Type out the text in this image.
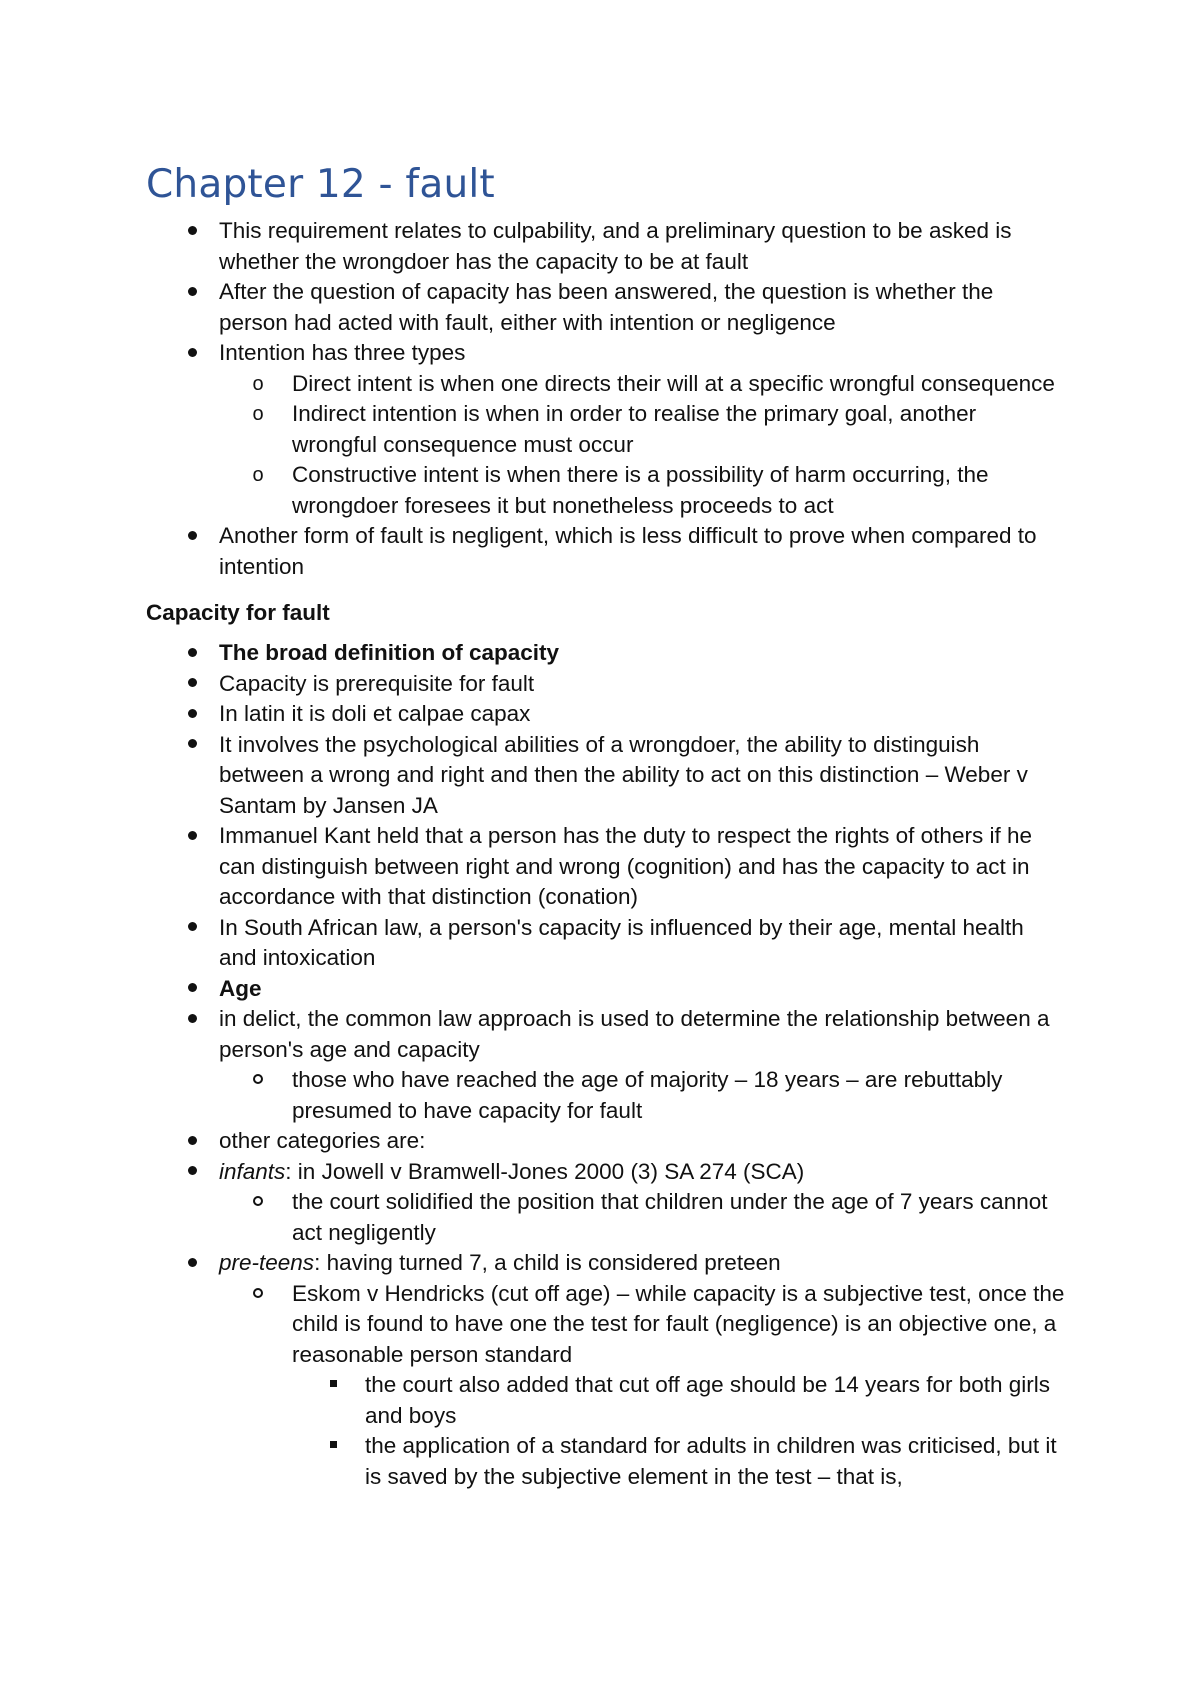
Chapter 12 - fault
This requirement relates to culpability, and a preliminary question to be asked is whether the wrongdoer has the capacity to be at fault
After the question of capacity has been answered, the question is whether the person had acted with fault, either with intention or negligence
Intention has three types
o Direct intent is when one directs their will at a specific wrongful consequence
o Indirect intention is when in order to realise the primary goal, another wrongful consequence must occur
o Constructive intent is when there is a possibility of harm occurring, the wrongdoer foresees it but nonetheless proceeds to act
Another form of fault is negligent, which is less difficult to prove when compared to intention
Capacity for fault
The broad definition of capacity
Capacity is prerequisite for fault
In latin it is doli et calpae capax
It involves the psychological abilities of a wrongdoer, the ability to distinguish between a wrong and right and then the ability to act on this distinction – Weber v Santam by Jansen JA
Immanuel Kant held that a person has the duty to respect the rights of others if he can distinguish between right and wrong (cognition) and has the capacity to act in accordance with that distinction (conation)
In South African law, a person's capacity is influenced by their age, mental health and intoxication
Age
in delict, the common law approach is used to determine the relationship between a person's age and capacity
those who have reached the age of majority – 18 years – are rebuttably presumed to have capacity for fault
other categories are:
infants: in Jowell v Bramwell-Jones 2000 (3) SA 274 (SCA)
the court solidified the position that children under the age of 7 years cannot act negligently
pre-teens: having turned 7, a child is considered preteen
Eskom v Hendricks (cut off age) – while capacity is a subjective test, once the child is found to have one the test for fault (negligence) is an objective one, a reasonable person standard
the court also added that cut off age should be 14 years for both girls and boys
the application of a standard for adults in children was criticised, but it is saved by the subjective element in the test – that is,
